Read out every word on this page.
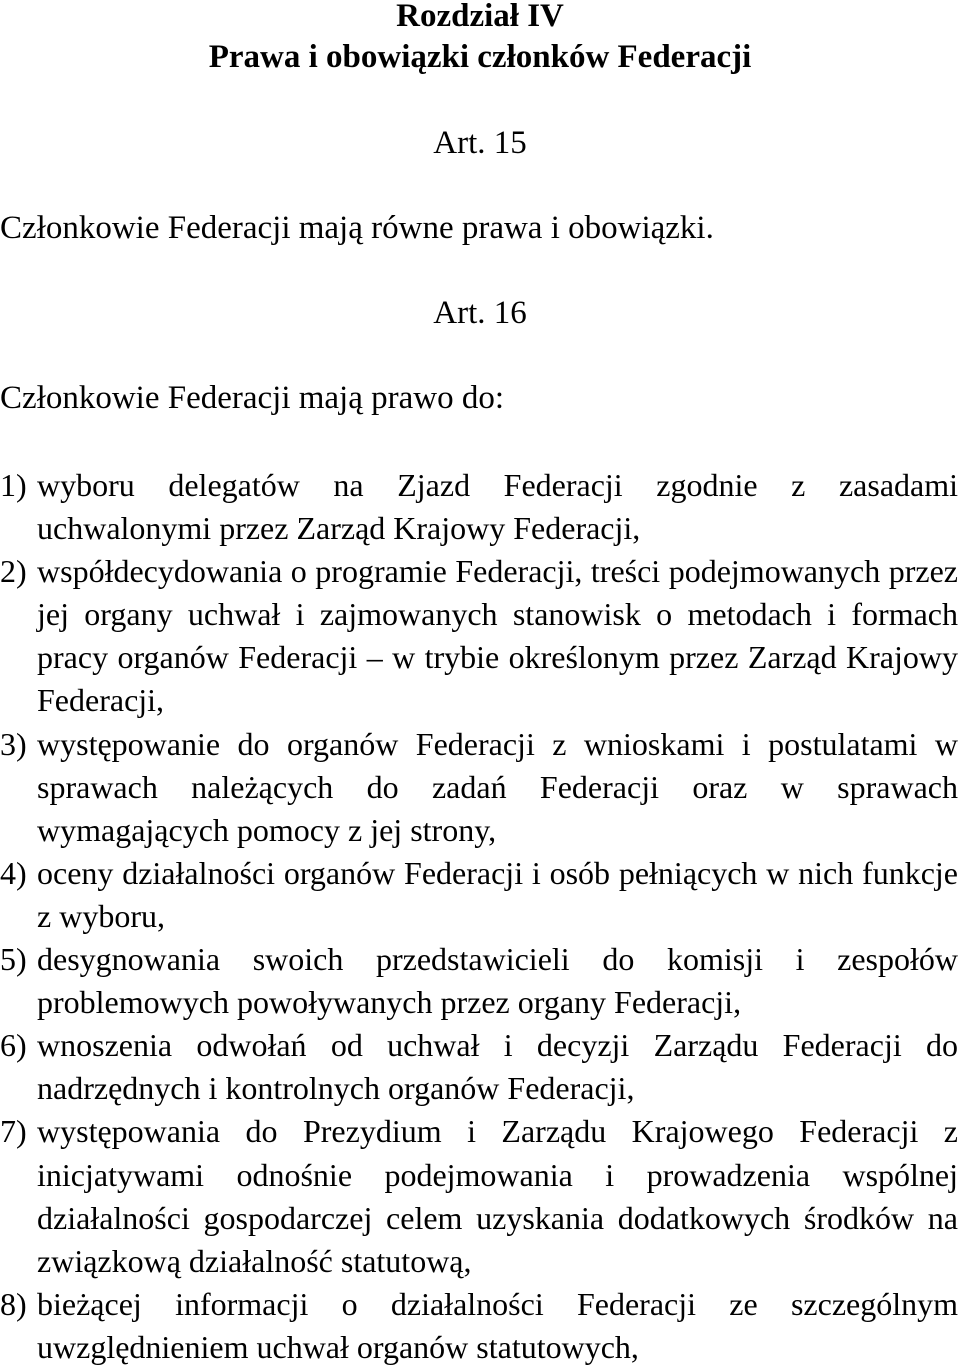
Rozdział IV
Prawa i obowiązki członków Federacji
Art. 15
Członkowie Federacji mają równe prawa i obowiązki.
Art. 16
Członkowie Federacji mają prawo do:
1) wyboru delegatów na Zjazd Federacji zgodnie z zasadami uchwalonymi przez Zarząd Krajowy Federacji,
2) współdecydowania o programie Federacji, treści podejmowanych przez jej organy uchwał i zajmowanych stanowisk o metodach i formach pracy organów Federacji – w trybie określonym przez Zarząd Krajowy Federacji,
3) występowanie do organów Federacji z wnioskami i postulatami w sprawach należących do zadań Federacji oraz w sprawach wymagających pomocy z jej strony,
4) oceny działalności organów Federacji i osób pełniących w nich funkcje z wyboru,
5) desygnowania swoich przedstawicieli do komisji i zespołów problemowych powoływanych przez organy Federacji,
6) wnoszenia odwołań od uchwał i decyzji Zarządu Federacji do nadrzędnych i kontrolnych organów Federacji,
7) występowania do Prezydium i Zarządu Krajowego Federacji z inicjatywami odnośnie podejmowania i prowadzenia wspólnej działalności gospodarczej celem uzyskania dodatkowych środków na związkową działalność statutową,
8) bieżącej informacji o działalności Federacji ze szczególnym uwzględnieniem uchwał organów statutowych,
